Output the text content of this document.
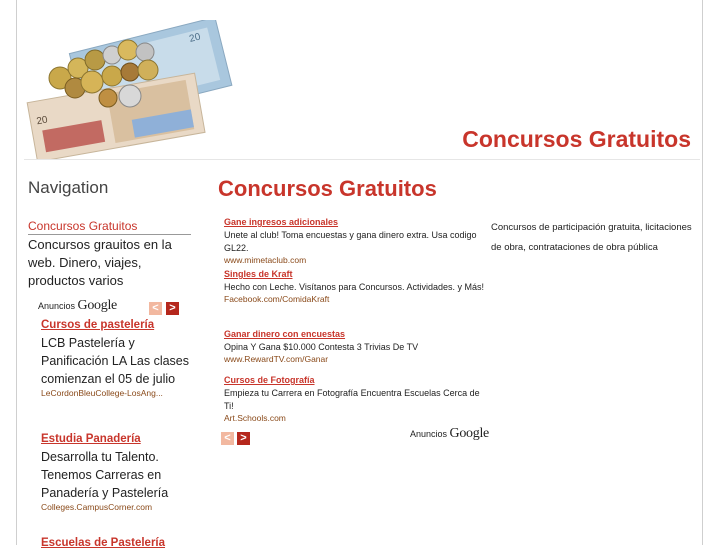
20
20
Concursos Gratuitos
Navigation
Concursos Gratuitos
Concursos grauitos en la web. Dinero, viajes, productos varios
Anuncios Google	< >
Cursos de pastelería
LCB Pastelería y Panificación LA Las clases comienzan el 05 de julio
LeCordonBleuCollege-LosAng...
Estudia Panadería
Desarrolla tu Talento. Tenemos Carreras en Panadería y Pastelería
Colleges.CampusCorner.com
Escuelas de Pastelería
Concursos Gratuitos
Gane ingresos adicionales
Unete al club! Toma encuestas y gana dinero extra. Usa codigo GL22.
www.mimetaclub.com
Singles de Kraft
Hecho con Leche. Visítanos para Concursos. Actividades. y Más!
Facebook.com/ComidaKraft
Ganar dinero con encuestas
Opina Y Gana $10.000 Contesta 3 Trivias De TV
www.RewardTV.com/Ganar
Cursos de Fotografía
Empieza tu Carrera en Fotografía Encuentra Escuelas Cerca de Ti!
Art.Schools.com
< >	Anuncios Google
Concursos de participación gratuita, licitaciones de obra, contrataciones de obra pública
